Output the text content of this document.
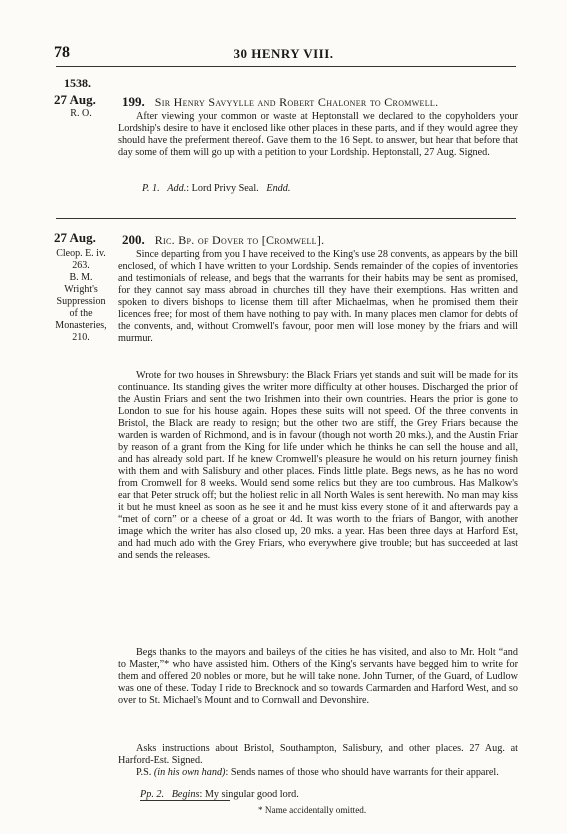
78	30 HENRY VIII.
1538.
27 Aug.
R. O.
199. Sir Henry Savyylle and Robert Chaloner to Cromwell.

After viewing your common or waste at Heptonstall we declared to the copyholders your Lordship's desire to have it enclosed like other places in these parts, and if they would agree they should have the preferment thereof. Gave them to the 16 Sept. to answer, but hear that before that day some of them will go up with a petition to your Lordship. Heptonstall, 27 Aug. Signed.

P. 1. Add.: Lord Privy Seal. Endd.
27 Aug. 200. Ric. Bp. of Dover to [Cromwell].
Cleop. E. iv.
263.
B. M.
Wright's
Suppression
of the
Monasteries,
210.

Since departing from you I have received to the King's use 28 convents, as appears by the bill enclosed, of which I have written to your Lordship. Sends remainder of the copies of inventories and testimonials of release, and begs that the warrants for their habits may be sent as promised, for they cannot say mass abroad in churches till they have their exemptions. Has written and spoken to divers bishops to license them till after Michaelmas, when he promised them their licences free; for most of them have nothing to pay with. In many places men clamor for debts of the convents, and, without Cromwell's favour, poor men will lose money by the friars and will murmur.

Wrote for two houses in Shrewsbury: the Black Friars yet stands and suit will be made for its continuance. Its standing gives the writer more difficulty at other houses. Discharged the prior of the Austin Friars and sent the two Irishmen into their own countries. Hears the prior is gone to London to sue for his house again. Hopes these suits will not speed. Of the three convents in Bristol, the Black are ready to resign; but the other two are stiff, the Grey Friars because the warden is warden of Richmond, and is in favour (though not worth 20 mks.), and the Austin Friar by reason of a grant from the King for life under which he thinks he can sell the house and all, and has already sold part. If he knew Cromwell's pleasure he would on his return journey finish with them and with Salisbury and other places. Finds little plate. Begs news, as he has no word from Cromwell for 8 weeks. Would send some relics but they are too cumbrous. Has Malkow's ear that Peter struck off; but the holiest relic in all North Wales is sent herewith. No man may kiss it but he must kneel as soon as he see it and he must kiss every stone of it and afterwards pay a “met of corn” or a cheese of a groat or 4d. It was worth to the friars of Bangor, with another image which the writer has also closed up, 20 mks. a year. Has been three days at Harford Est, and had much ado with the Grey Friars, who everywhere give trouble; but has succeeded at last and sends the releases.

Begs thanks to the mayors and baileys of the cities he has visited, and also to Mr. Holt “and to Master,”* who have assisted him. Others of the King's servants have begged him to write for them and offered 20 nobles or more, but he will take none. John Turner, of the Guard, of Ludlow was one of these. Today I ride to Brecknock and so towards Carmarden and Harford West, and so over to St. Michael's Mount and to Cornwall and Devonshire.

Asks instructions about Bristol, Southampton, Salisbury, and other places. 27 Aug. at Harford-Est. Signed.

P.S. (in his own hand): Sends names of those who should have warrants for their apparel.
Pp. 2. Begins: My singular good lord.
* Name accidentally omitted.
